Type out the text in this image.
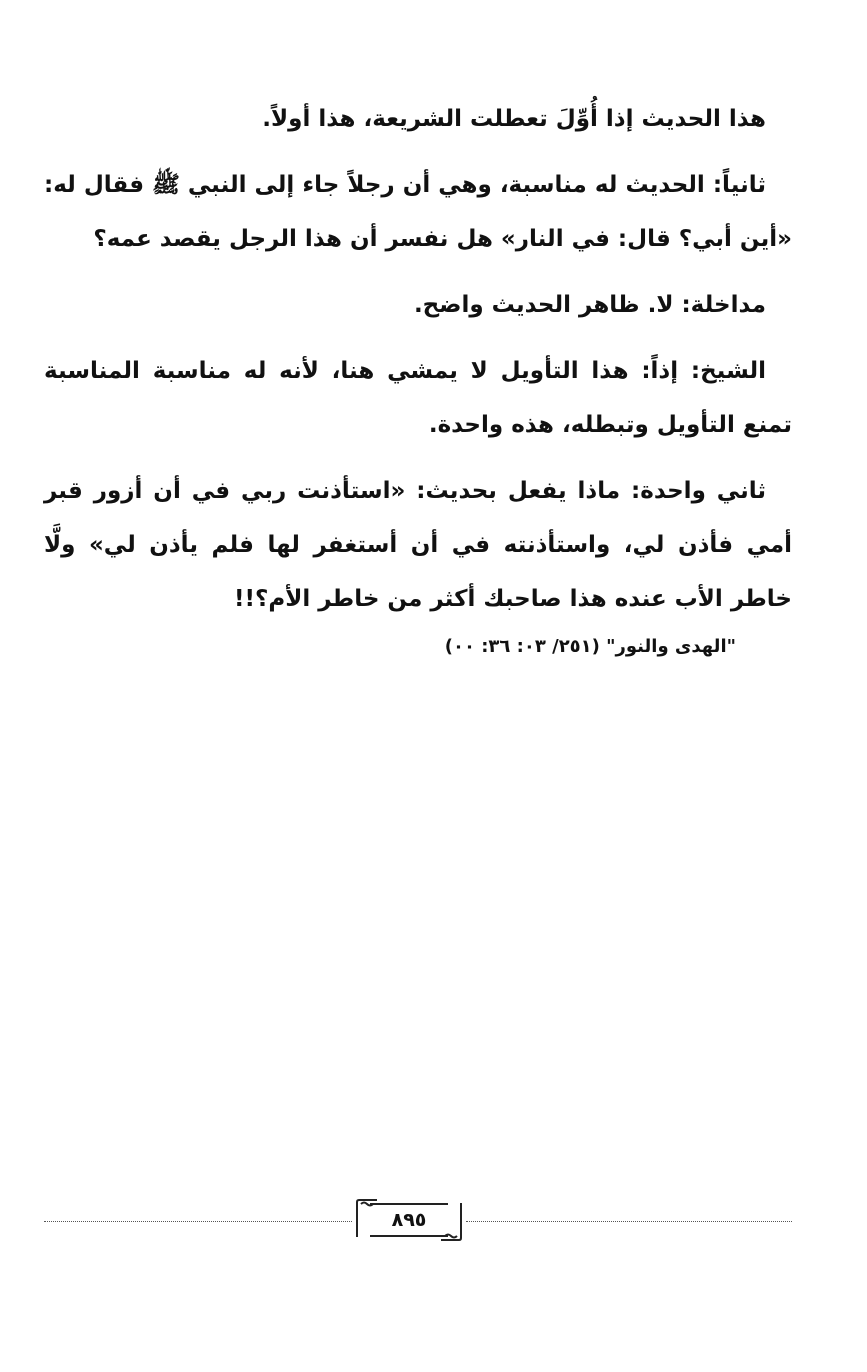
هذا الحديث إذا أُوِّلَ تعطلت الشريعة، هذا أولاً.

ثانياً: الحديث له مناسبة، وهي أن رجلاً جاء إلى النبي ﷺ فقال له: «أين أبي؟ قال: في النار» هل نفسر أن هذا الرجل يقصد عمه؟

مداخلة: لا. ظاهر الحديث واضح.

الشيخ: إذاً: هذا التأويل لا يمشي هنا، لأنه له مناسبة المناسبة تمنع التأويل وتبطله، هذه واحدة.

ثاني واحدة: ماذا يفعل بحديث: «استأذنت ربي في أن أزور قبر أمي فأذن لي، واستأذنته في أن أستغفر لها فلم يأذن لي» ولَّا خاطر الأب عنده هذا صاحبك أكثر من خاطر الأم؟!!

"الهدى والنور" (٢٥١/ ٠٣: ٣٦: ٠٠)
٨٩٥
